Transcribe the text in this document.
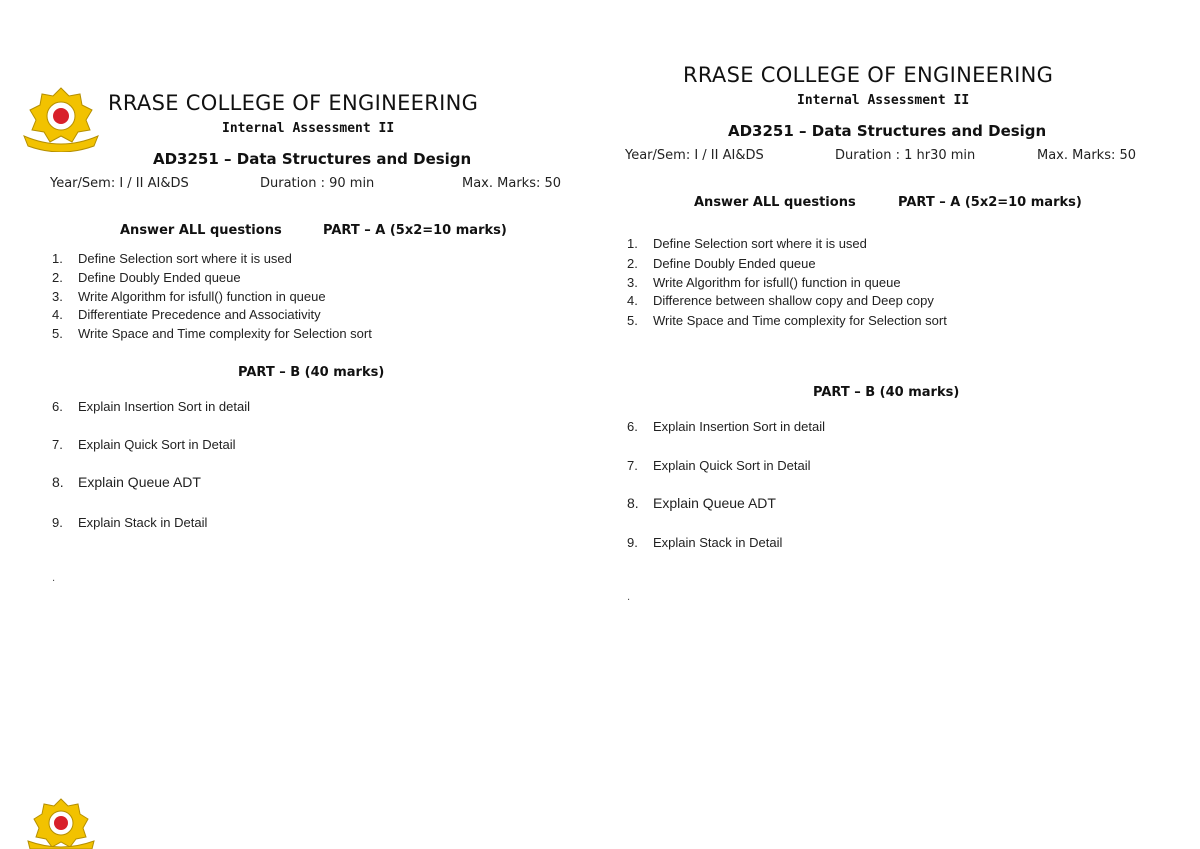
RRASE COLLEGE OF ENGINEERING
Internal Assessment II
AD3251 – Data Structures and Design
Year/Sem: I / II AI&DS	Duration : 90 min	Max. Marks: 50
Answer ALL questions	PART – A (5x2=10 marks)
1. Define Selection sort where it is used
2. Define Doubly Ended queue
3. Write Algorithm for isfull() function in queue
4. Differentiate Precedence and Associativity
5. Write Space and Time complexity for Selection sort
PART – B (40 marks)
6. Explain Insertion Sort in detail
7. Explain Quick Sort in Detail
8. Explain Queue ADT
9. Explain Stack in Detail
.
RRASE COLLEGE OF ENGINEERING
Internal Assessment II
AD3251 – Data Structures and Design
Year/Sem: I / II AI&DS	Duration : 1 hr30 min	Max. Marks: 50
Answer ALL questions	PART – A (5x2=10 marks)
1. Define Selection sort where it is used
2. Define Doubly Ended queue
3. Write Algorithm for isfull() function in queue
4. Difference between shallow copy and Deep copy
5. Write Space and Time complexity for Selection sort
PART – B (40 marks)
6. Explain Insertion Sort in detail
7. Explain Quick Sort in Detail
8. Explain Queue ADT
9. Explain Stack in Detail
.
